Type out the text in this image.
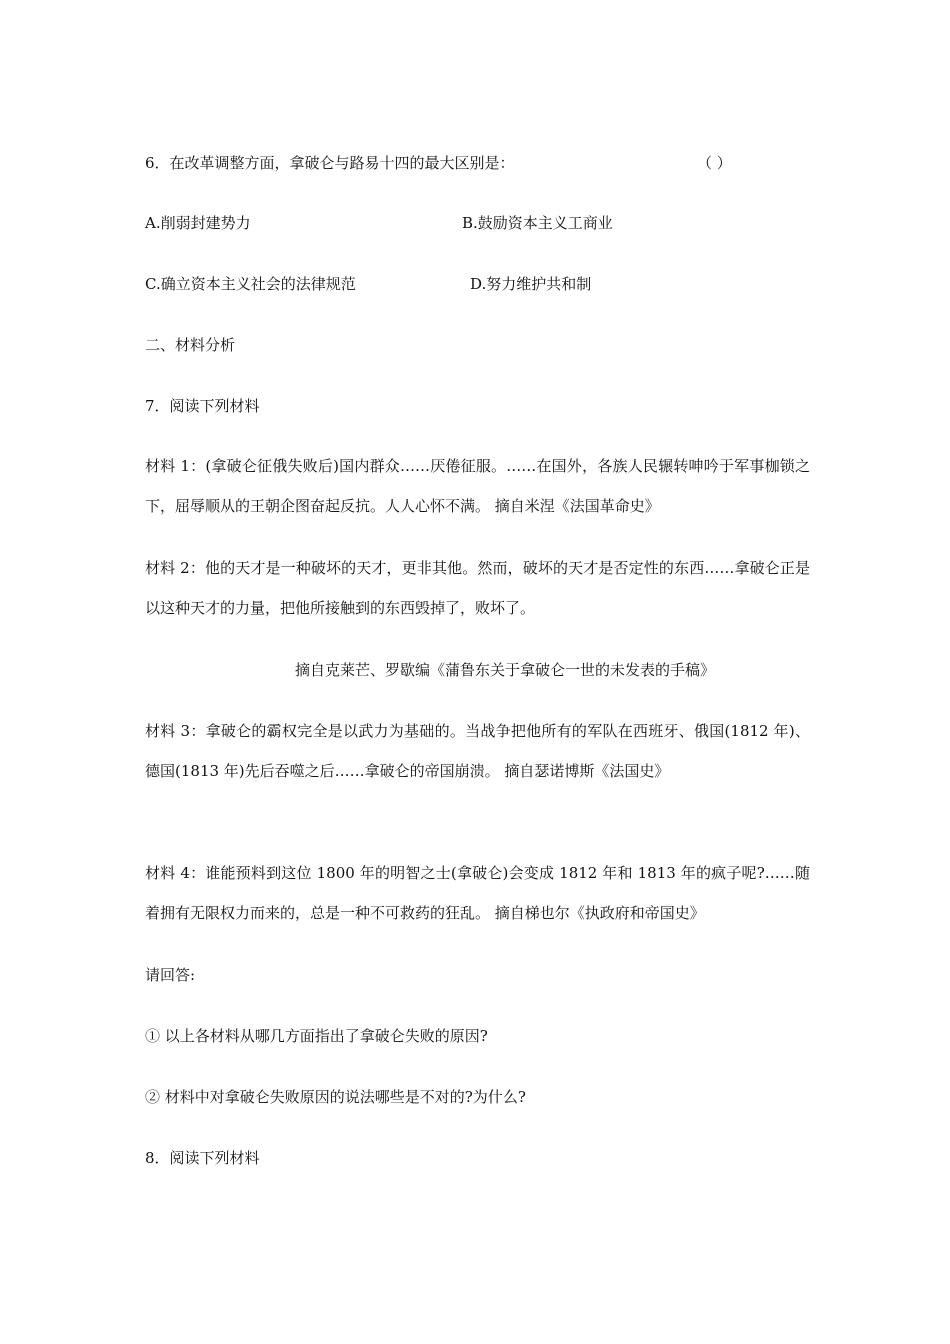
6．在改革调整方面，拿破仑与路易十四的最大区别是：	（ ）
A.削弱封建势力	B.鼓励资本主义工商业
C.确立资本主义社会的法律规范	D.努力维护共和制
二、材料分析
7．阅读下列材料
材料 1：(拿破仑征俄失败后)国内群众……厌倦征服。……在国外，各族人民辗转呻吟于军事枷锁之下，屈辱顺从的王朝企图奋起反抗。人人心怀不满。 摘自米涅《法国革命史》
材料 2：他的天才是一种破坏的天才，更非其他。然而，破坏的天才是否定性的东西……拿破仑正是以这种天才的力量，把他所接触到的东西毁掉了，败坏了。
摘自克莱芒、罗歇编《蒲鲁东关于拿破仑一世的未发表的手稿》
材料 3：拿破仑的霸权完全是以武力为基础的。当战争把他所有的军队在西班牙、俄国(1812 年)、德国(1813 年)先后吞噬之后……拿破仑的帝国崩溃。 摘自瑟诺博斯《法国史》
材料 4：谁能预料到这位 1800 年的明智之士(拿破仑)会变成 1812 年和 1813 年的疯子呢?……随着拥有无限权力而来的，总是一种不可救药的狂乱。 摘自梯也尔《执政府和帝国史》
请回答:
① 以上各材料从哪几方面指出了拿破仑失败的原因?
② 材料中对拿破仑失败原因的说法哪些是不对的?为什么?
8．阅读下列材料
